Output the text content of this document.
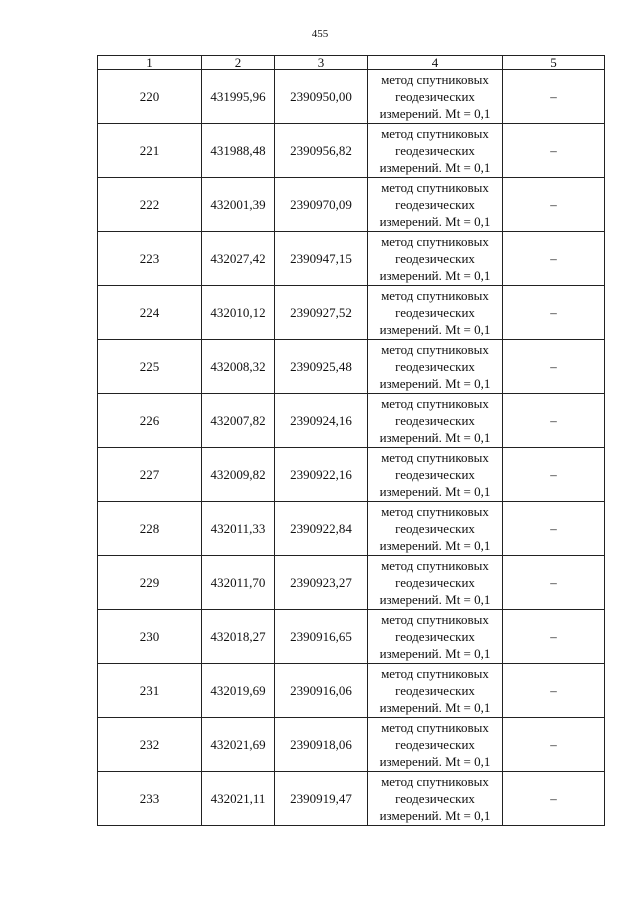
455
1	2	3	4	5
220	431995,96	2390950,00	метод спутниковых
геодезических
измерений. Mt = 0,1	–
221	431988,48	2390956,82	метод спутниковых
геодезических
измерений. Mt = 0,1	–
222	432001,39	2390970,09	метод спутниковых
геодезических
измерений. Mt = 0,1	–
223	432027,42	2390947,15	метод спутниковых
геодезических
измерений. Mt = 0,1	–
224	432010,12	2390927,52	метод спутниковых
геодезических
измерений. Mt = 0,1	–
225	432008,32	2390925,48	метод спутниковых
геодезических
измерений. Mt = 0,1	–
226	432007,82	2390924,16	метод спутниковых
геодезических
измерений. Mt = 0,1	–
227	432009,82	2390922,16	метод спутниковых
геодезических
измерений. Mt = 0,1	–
228	432011,33	2390922,84	метод спутниковых
геодезических
измерений. Mt = 0,1	–
229	432011,70	2390923,27	метод спутниковых
геодезических
измерений. Mt = 0,1	–
230	432018,27	2390916,65	метод спутниковых
геодезических
измерений. Mt = 0,1	–
231	432019,69	2390916,06	метод спутниковых
геодезических
измерений. Mt = 0,1	–
232	432021,69	2390918,06	метод спутниковых
геодезических
измерений. Mt = 0,1	–
233	432021,11	2390919,47	метод спутниковых
геодезических
измерений. Mt = 0,1	–
